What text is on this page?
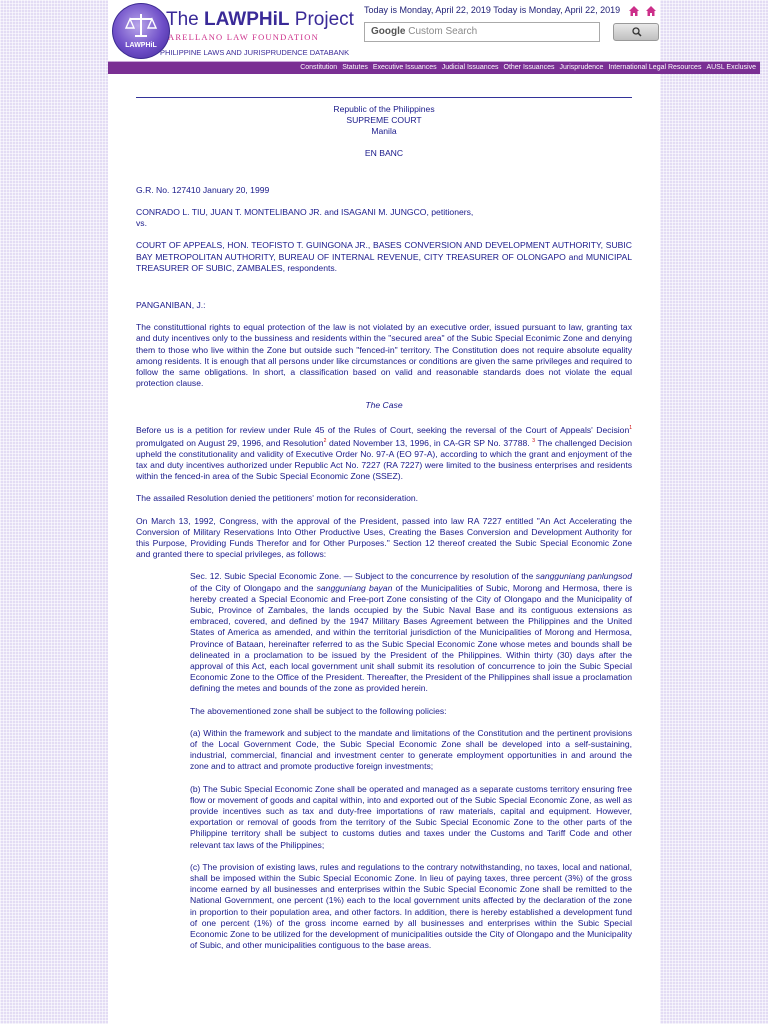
LAWPHiL
The LAWPHiL Project
ARELLANO LAW FOUNDATION
PHILIPPINE LAWS AND JURISPRUDENCE DATABANK
Today is Monday, April 22, 2019 Today is Monday, April 22, 2019
Google Custom Search
Constitution Statutes Executive Issuances Judicial Issuances Other Issuances Jurisprudence International Legal Resources AUSL Exclusive
Republic of the Philippines
SUPREME COURT
Manila

EN BANC

G.R. No. 127410 January 20, 1999

CONRADO L. TIU, JUAN T. MONTELIBANO JR. and ISAGANI M. JUNGCO, petitioners,

vs.

COURT OF APPEALS, HON. TEOFISTO T. GUINGONA JR., BASES CONVERSION AND DEVELOPMENT AUTHORITY, SUBIC BAY METROPOLITAN AUTHORITY, BUREAU OF INTERNAL REVENUE, CITY TREASURER OF OLONGAPO and MUNICIPAL TREASURER OF SUBIC, ZAMBALES, respondents.

PANGANIBAN, J.:

The constituttional rights to equal protection of the law is not violated by an executive order, issued pursuant to law, granting tax and duty incentives only to the bussiness and residents within the "secured area" of the Subic Special Econimic Zone and denying them to those who live within the Zone but outside such "fenced-in" territory. The Constitution does not require absolute equality among residents. It is enough that all persons under like circumstances or conditions are given the same privileges and required to follow the same obligations. In short, a classification based on valid and reasonable standards does not violate the equal protection clause.

The Case

Before us is a petition for review under Rule 45 of the Rules of Court, seeking the reversal of the Court of Appeals' Decision$^1$ promulgated on August 29, 1996, and Resolution$^2$ dated November 13, 1996, in CA-GR SP No. 37788. $^3$ The challenged Decision upheld the constitutionality and validity of Executive Order No. 97-A (EO 97-A), according to which the grant and enjoyment of the tax and duty incentives authorized under Republic Act No. 7227 (RA 7227) were limited to the business enterprises and residents within the fenced-in area of the Subic Special Economic Zone (SSEZ).

The assailed Resolution denied the petitioners' motion for reconsideration.

On March 13, 1992, Congress, with the approval of the President, passed into law RA 7227 entitled "An Act Accelerating the Conversion of Military Reservations Into Other Productive Uses, Creating the Bases Conversion and Development Authority for this Purpose, Providing Funds Therefor and for Other Purposes." Section 12 thereof created the Subic Special Economic Zone and granted there to special privileges, as follows:

Sec. 12. Subic Special Economic Zone. — Subject to the concurrence by resolution of the sangguniang panlungsod of the City of Olongapo and the sangguniang bayan of the Municipalities of Subic, Morong and Hermosa, there is hereby created a Special Economic and Free-port Zone consisting of the City of Olongapo and the Municipality of Subic, Province of Zambales, the lands occupied by the Subic Naval Base and its contiguous extensions as embraced, covered, and defined by the 1947 Military Bases Agreement between the Philippines and the United States of America as amended, and within the territorial jurisdiction of the Municipalities of Morong and Hermosa, Province of Bataan, hereinafter referred to as the Subic Special Economic Zone whose metes and bounds shall be delineated in a proclamation to be issued by the President of the Philippines. Within thirty (30) days after the approval of this Act, each local government unit shall submit its resolution of concurrence to join the Subic Special Economic Zone to the Office of the President. Thereafter, the President of the Philippines shall issue a proclamation defining the metes and bounds of the zone as provided herein.

The abovementioned zone shall be subject to the following policies:

(a) Within the framework and subject to the mandate and limitations of the Constitution and the pertinent provisions of the Local Government Code, the Subic Special Economic Zone shall be developed into a self-sustaining, industrial, commercial, financial and investment center to generate employment opportunities in and around the zone and to attract and promote productive foreign investments;

(b) The Subic Special Economic Zone shall be operated and managed as a separate customs territory ensuring free flow or movement of goods and capital within, into and exported out of the Subic Special Economic Zone, as well as provide incentives such as tax and duty-free importations of raw materials, capital and equipment. However, exportation or removal of goods from the territory of the Subic Special Economic Zone to the other parts of the Philippine territory shall be subject to customs duties and taxes under the Customs and Tariff Code and other relevant tax laws of the Philippines;

(c) The provision of existing laws, rules and regulations to the contrary notwithstanding, no taxes, local and national, shall be imposed within the Subic Special Economic Zone. In lieu of paying taxes, three percent (3%) of the gross income earned by all businesses and enterprises within the Subic Special Economic Zone shall be remitted to the National Government, one percent (1%) each to the local government units affected by the declaration of the zone in proportion to their population area, and other factors. In addition, there is hereby established a development fund of one percent (1%) of the gross income earned by all businesses and enterprises within the Subic Special Economic Zone to be utilized for the development of municipalities outside the City of Olongapo and the Municipality of Subic, and other municipalities contiguous to the base areas.
